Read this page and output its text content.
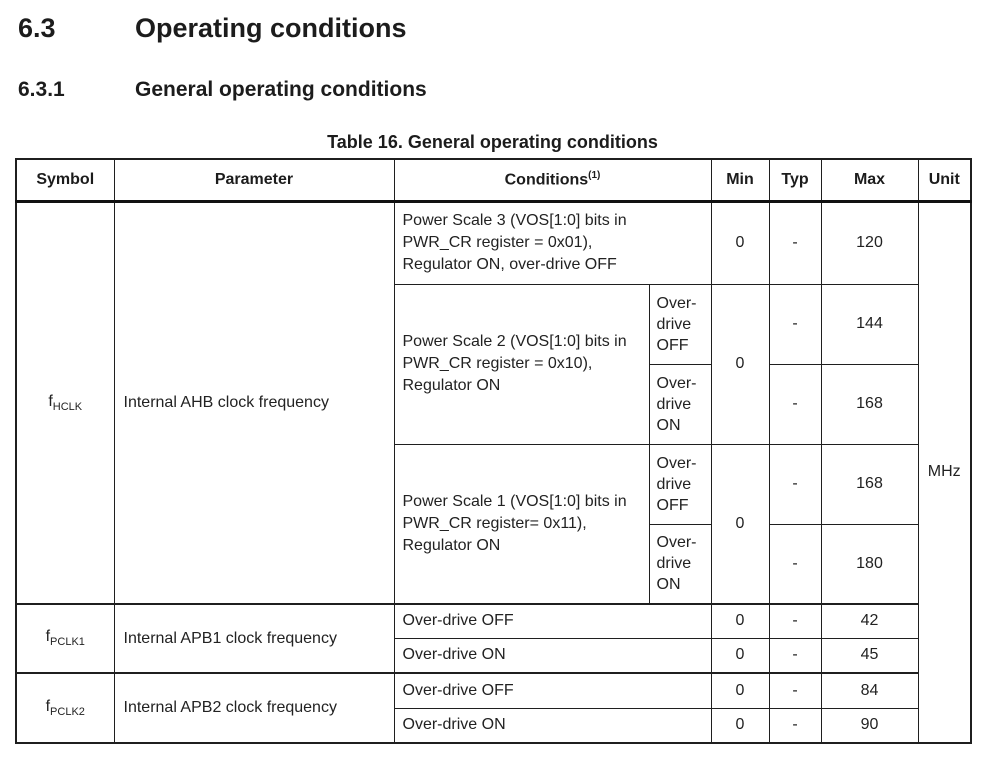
6.3	Operating conditions
6.3.1	General operating conditions
Table 16. General operating conditions
Symbol	Parameter	Conditions$^{(1)}$		Min	Typ	Max	Unit
$f_{HCLK}$	Internal AHB clock frequency	Power Scale 3 (VOS[1:0] bits in PWR_CR register = 0x01), Regulator ON, over-drive OFF		0	-	120	MHz
		Power Scale 2 (VOS[1:0] bits in PWR_CR register = 0x10), Regulator ON	Over-drive OFF	0	-	144	
			Over-drive ON		-	168	
		Power Scale 1 (VOS[1:0] bits in PWR_CR register= 0x11), Regulator ON	Over-drive OFF	0	-	168	
			Over-drive ON		-	180	
$f_{PCLK1}$	Internal APB1 clock frequency	Over-drive OFF		0	-	42	
		Over-drive ON		0	-	45	
$f_{PCLK2}$	Internal APB2 clock frequency	Over-drive OFF		0	-	84	
		Over-drive ON		0	-	90	
